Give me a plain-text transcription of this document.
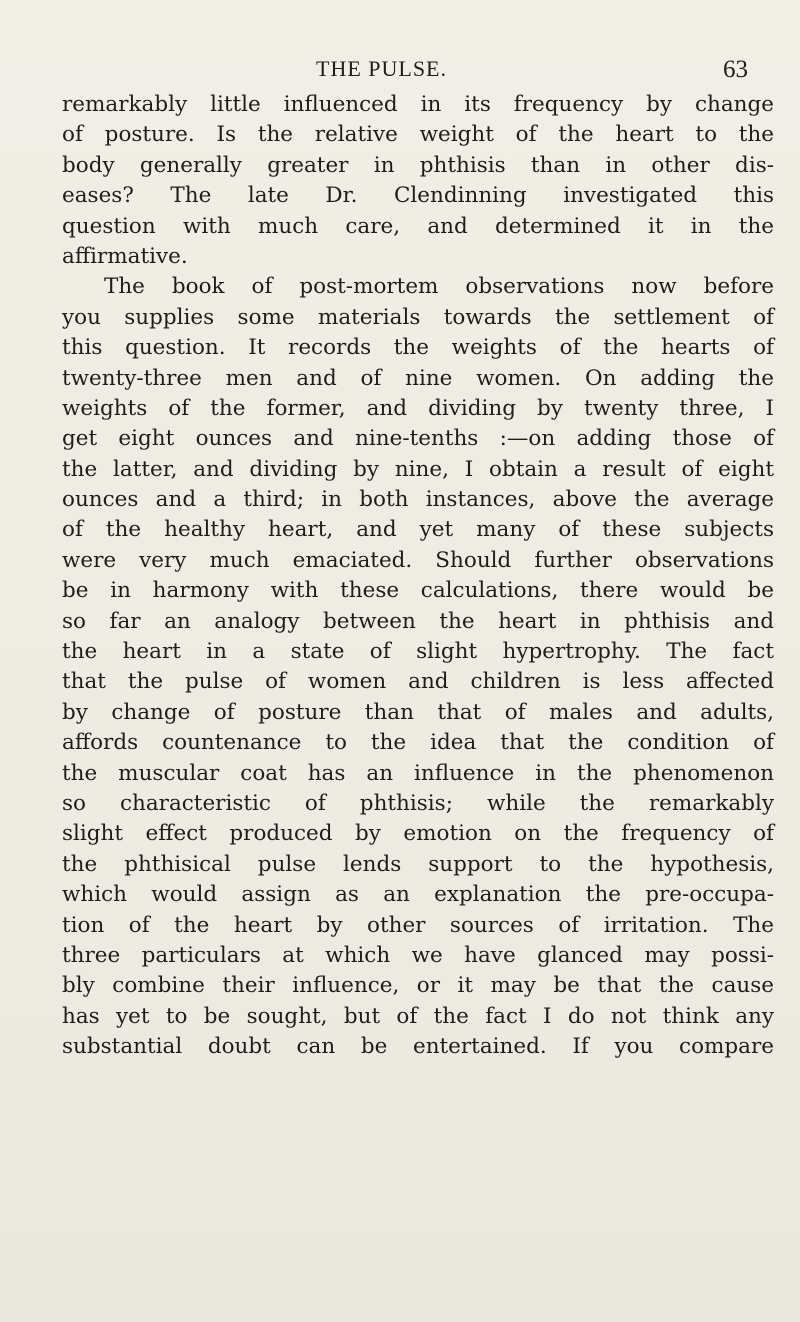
THE PULSE.	63
remarkably little influenced in its frequency by change
of posture. Is the relative weight of the heart to the
body generally greater in phthisis than in other dis-
eases? The late Dr. Clendinning investigated this
question with much care, and determined it in the
affirmative.
The book of post-mortem observations now before
you supplies some materials towards the settlement of
this question. It records the weights of the hearts of
twenty-three men and of nine women. On adding the
weights of the former, and dividing by twenty three, I
get eight ounces and nine-tenths :—on adding those of
the latter, and dividing by nine, I obtain a result of eight
ounces and a third; in both instances, above the average
of the healthy heart, and yet many of these subjects
were very much emaciated. Should further observations
be in harmony with these calculations, there would be
so far an analogy between the heart in phthisis and
the heart in a state of slight hypertrophy. The fact
that the pulse of women and children is less affected
by change of posture than that of males and adults,
affords countenance to the idea that the condition of
the muscular coat has an influence in the phenomenon
so characteristic of phthisis; while the remarkably
slight effect produced by emotion on the frequency of
the phthisical pulse lends support to the hypothesis,
which would assign as an explanation the pre-occupa-
tion of the heart by other sources of irritation. The
three particulars at which we have glanced may possi-
bly combine their influence, or it may be that the cause
has yet to be sought, but of the fact I do not think any
substantial doubt can be entertained. If you compare
